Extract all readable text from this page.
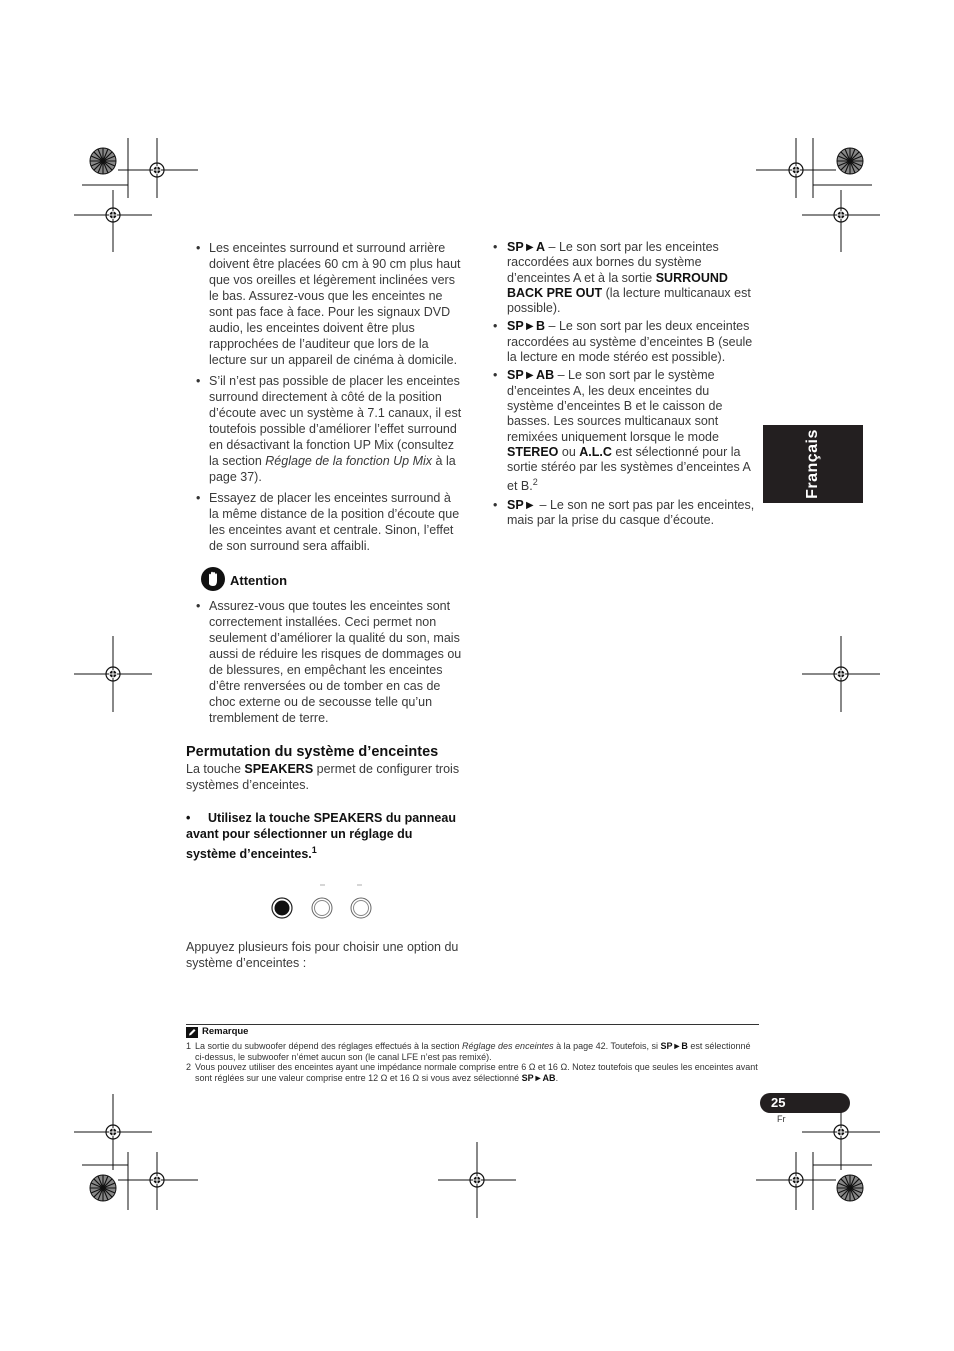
• Les enceintes surround et surround arrière doivent être placées 60 cm à 90 cm plus haut que vos oreilles et légèrement inclinées vers le bas. Assurez-vous que les enceintes ne sont pas face à face. Pour les signaux DVD audio, les enceintes doivent être plus rapprochées de l’auditeur que lors de la lecture sur un appareil de cinéma à domicile.
• S’il n’est pas possible de placer les enceintes surround directement à côté de la position d’écoute avec un système à 7.1 canaux, il est toutefois possible d’améliorer l’effet surround en désactivant la fonction UP Mix (consultez la section Réglage de la fonction Up Mix à la page 37).
• Essayez de placer les enceintes surround à la même distance de la position d’écoute que les enceintes avant et centrale. Sinon, l’effet de son surround sera affaibli.
Attention
• Assurez-vous que toutes les enceintes sont correctement installées. Ceci permet non seulement d’améliorer la qualité du son, mais aussi de réduire les risques de dommages ou de blessures, en empêchant les enceintes d’être renversées ou de tomber en cas de choc externe ou de secousse telle qu’un tremblement de terre.
Permutation du système d’enceintes
La touche SPEAKERS permet de configurer trois systèmes d’enceintes.
• Utilisez la touche SPEAKERS du panneau avant pour sélectionner un réglage du système d’enceintes.$^1$
Appuyez plusieurs fois pour choisir une option du système d’enceintes :
• SP►A – Le son sort par les enceintes raccordées aux bornes du système d’enceintes A et à la sortie SURROUND BACK PRE OUT (la lecture multicanaux est possible).
• SP►B – Le son sort par les deux enceintes raccordées au système d’enceintes B (seule la lecture en mode stéréo est possible).
• SP►AB – Le son sort par le système d’enceintes A, les deux enceintes du système d’enceintes B et le caisson de basses. Les sources multicanaux sont remixées uniquement lorsque le mode STEREO ou A.L.C est sélectionné pour la sortie stéréo par les systèmes d’enceintes A et B.$^2$
• SP► – Le son ne sort pas par les enceintes, mais par la prise du casque d’écoute.
Français
Remarque
1 La sortie du subwoofer dépend des réglages effectués à la section Réglage des enceintes à la page 42. Toutefois, si SP►B est sélectionné ci-dessus, le subwoofer n’émet aucun son (le canal LFE n’est pas remixé).
2 Vous pouvez utiliser des enceintes ayant une impédance normale comprise entre 6 Ω et 16 Ω. Notez toutefois que seules les enceintes avant sont réglées sur une valeur comprise entre 12 Ω et 16 Ω si vous avez sélectionné SP►AB.
25
Fr
